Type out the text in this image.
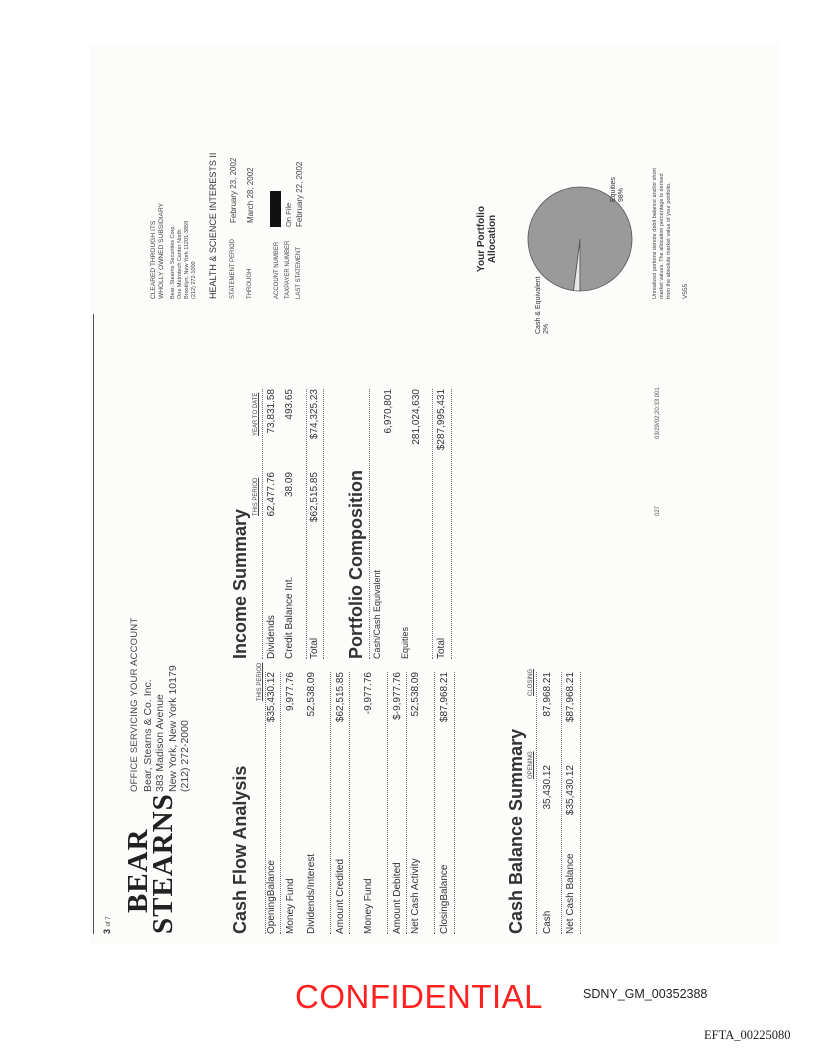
3 of 7
BEAR
STEARNS
OFFICE SERVICING YOUR ACCOUNT Bear, Stearns & Co. Inc. 383 Madison Avenue New York, New York 10179 (212) 272-2000
Cash Flow Analysis
THIS PERIOD
OpeningBalance
$35,430.12
Money Fund
9,977.76
Dividends/Interest
52,538.09
Amount Credited
$62,515.85
Money Fund
-9,977.76
Amount Debited
$-9,977.76
Net Cash Activity
52,538.09
ClosingBalance
$87,968.21
Cash Balance Summary OPENING
CLOSING
Cash
35,430.12
87,968.21
Net Cash Balance
$35,430.12
$87,968.21
Income Summary
THIS PERIOD
YEAR TO DATE
Dividends
62,477.76
73,831.58
Credit Balance Int.
38.09
493.65
Total
$62,515.85
$74,325.23
Portfolio Composition Cash/Cash Equivalent
6,970,801
Equities
281,024,630
Total
$287,995,431
027
03/29/02;20:33 001
CLEARED THROUGH ITS WHOLLY OWNED SUBSIDIARY Bear, Stearns Securities Corp. One Metrotech Center North Brooklyn, New York 11201-3859 (212) 272-1000 HEALTH & SCIENCE INTERESTS II STATEMENT PERIOD
February 23, 2002
THROUGH
March 28, 2002
ACCOUNT NUMBER TAXPAYER NUMBER
On File
LAST STATEMENT
February 22, 2002
Your Portfolio Allocation
Cash & Equivalent 2%
Equities 98%	Unrealized portions denote debit balance and/or short market values. The allocation percentage is derived from the absolute market value of your portfolio. V555
CONFIDENTIAL	SDNY_GM_00352388
EFTA_00225080
